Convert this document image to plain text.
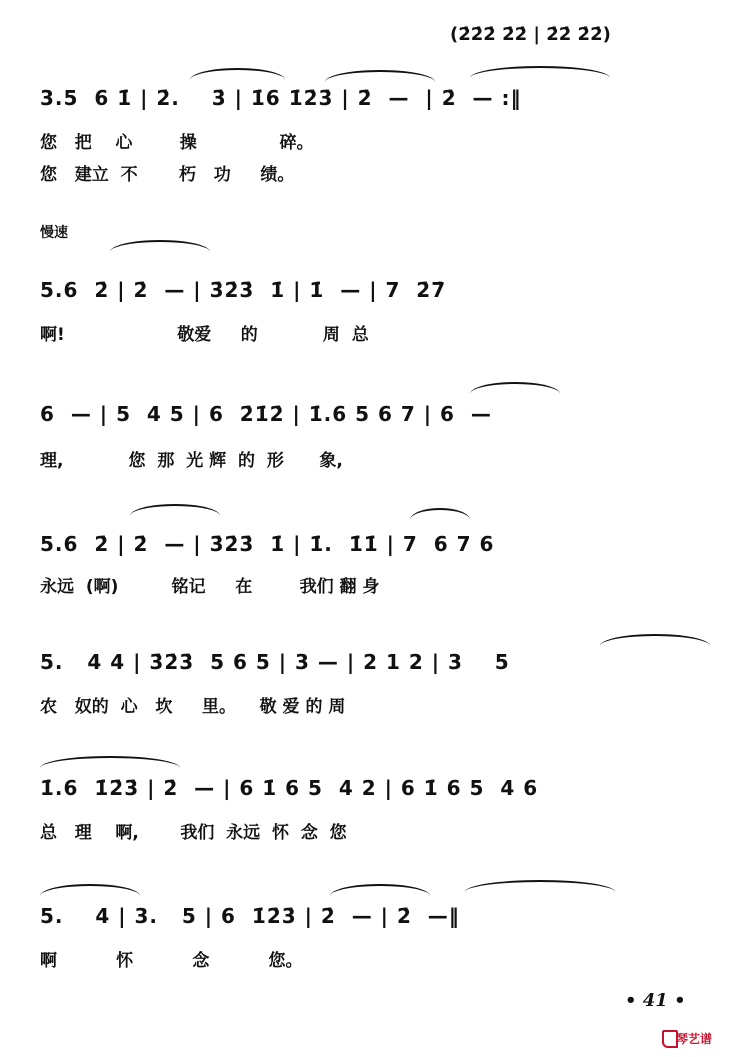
(2̇2̇2̇ 2̇2̇ | 2̇2̇ 2̇2̇)
3.5  6 1̇ | 2̇.    3̇ | 1̇6 1̇2̇3̇ | 2̇  —  | 2̇  — :‖
您   把    心        操              碎。
您   建立  不       朽   功     绩。
慢速
5.6  2̇ | 2̇  — | 3̇2̇3̇  1̇ | 1̇  — | 7  2̇7̇
啊!                   敬爱     的           周  总
6  — | 5  4 5 | 6  2̇1̇2̇ | 1̇.6 5 6 7 | 6  —
理,           您  那  光 辉  的  形      象,
5.6  2̇ | 2̇  — | 3̇2̇3̇  1̇ | 1̇.  1̇1̇ | 7  6 7 6
永远  (啊)         铭记     在        我们 翻 身
5.   4 4 | 3̇2̇3̇  5 6 5 | 3 — | 2 1 2 | 3    5
农   奴的  心   坎     里。    敬 爱 的 周
1̇.6  1̇2̇3̇ | 2̇  — | 6 1̇ 6 5  4 2 | 6 1̇ 6 5  4 6
总   理    啊,       我们  永远  怀  念  您
5.    4 | 3.   5 | 6  1̇2̇3̇ | 2̇  — | 2̇  —‖
啊          怀          念          您。
• 41 •
琴艺谱
